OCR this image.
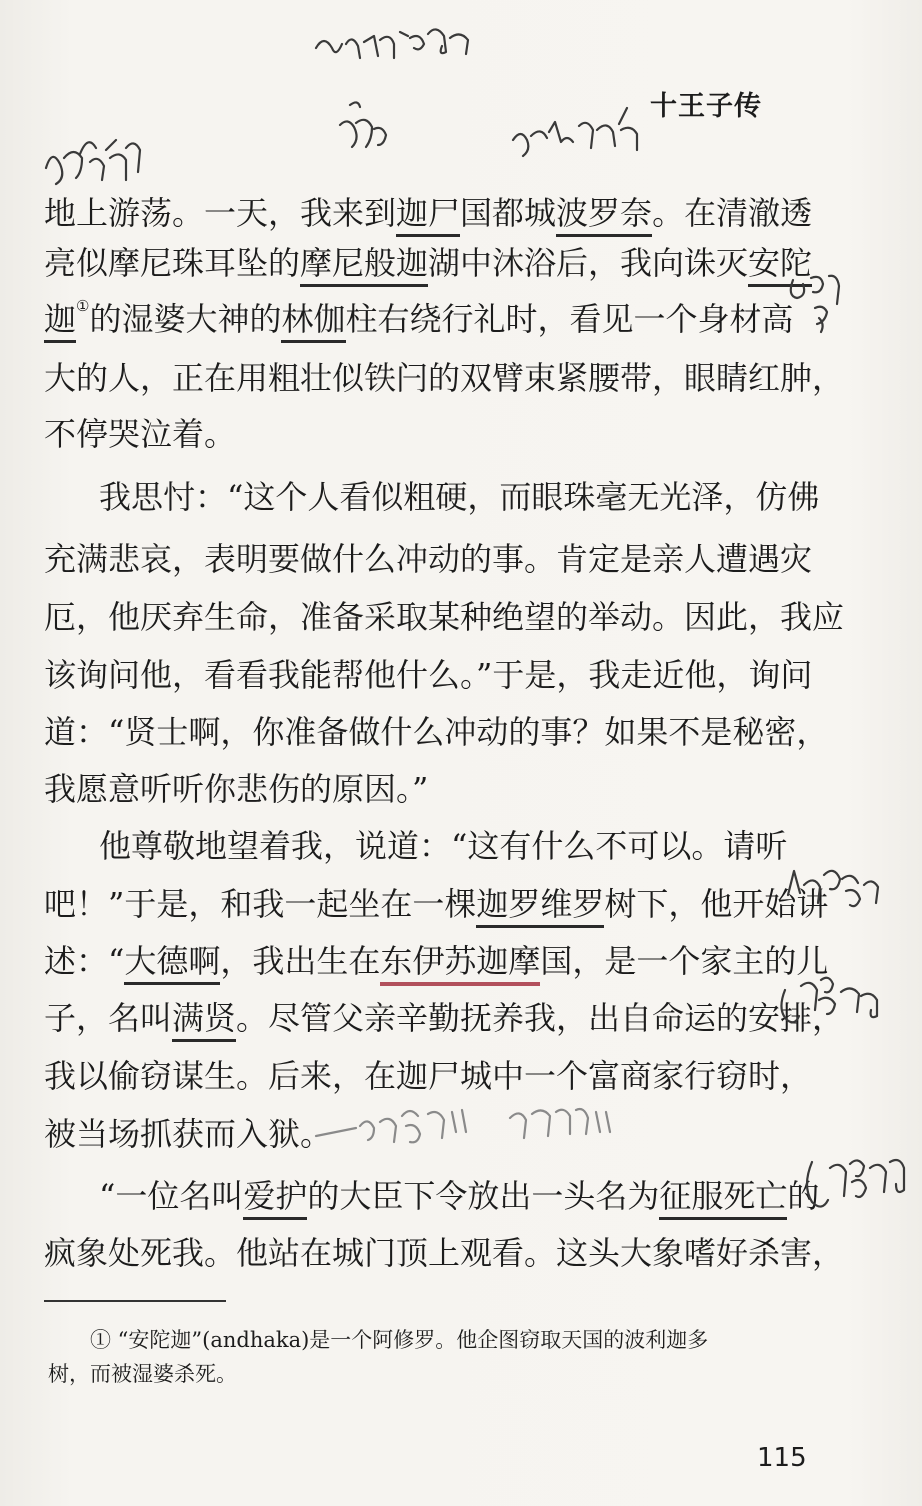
十王子传
地上游荡。一天，我来到迦尸国都城波罗奈。在清澈透
亮似摩尼珠耳坠的摩尼般迦湖中沐浴后，我向诛灭安陀
迦①的湿婆大神的林伽柱右绕行礼时，看见一个身材高
大的人，正在用粗壮似铁闩的双臂束紧腰带，眼睛红肿，
不停哭泣着。
我思忖：“这个人看似粗硬，而眼珠毫无光泽，仿佛
充满悲哀，表明要做什么冲动的事。肯定是亲人遭遇灾
厄，他厌弃生命，准备采取某种绝望的举动。因此，我应
该询问他，看看我能帮他什么。”于是，我走近他，询问
道：“贤士啊，你准备做什么冲动的事？如果不是秘密，
我愿意听听你悲伤的原因。”
他尊敬地望着我，说道：“这有什么不可以。请听
吧！”于是，和我一起坐在一棵迦罗维罗树下，他开始讲
述：“大德啊，我出生在东伊苏迦摩国，是一个家主的儿
子，名叫满贤。尽管父亲辛勤抚养我，出自命运的安排，
我以偷窃谋生。后来，在迦尸城中一个富商家行窃时，
被当场抓获而入狱。
“一位名叫爱护的大臣下令放出一头名为征服死亡的
疯象处死我。他站在城门顶上观看。这头大象嗜好杀害，
① “安陀迦”(andhaka)是一个阿修罗。他企图窃取天国的波利迦多
树，而被湿婆杀死。
115
